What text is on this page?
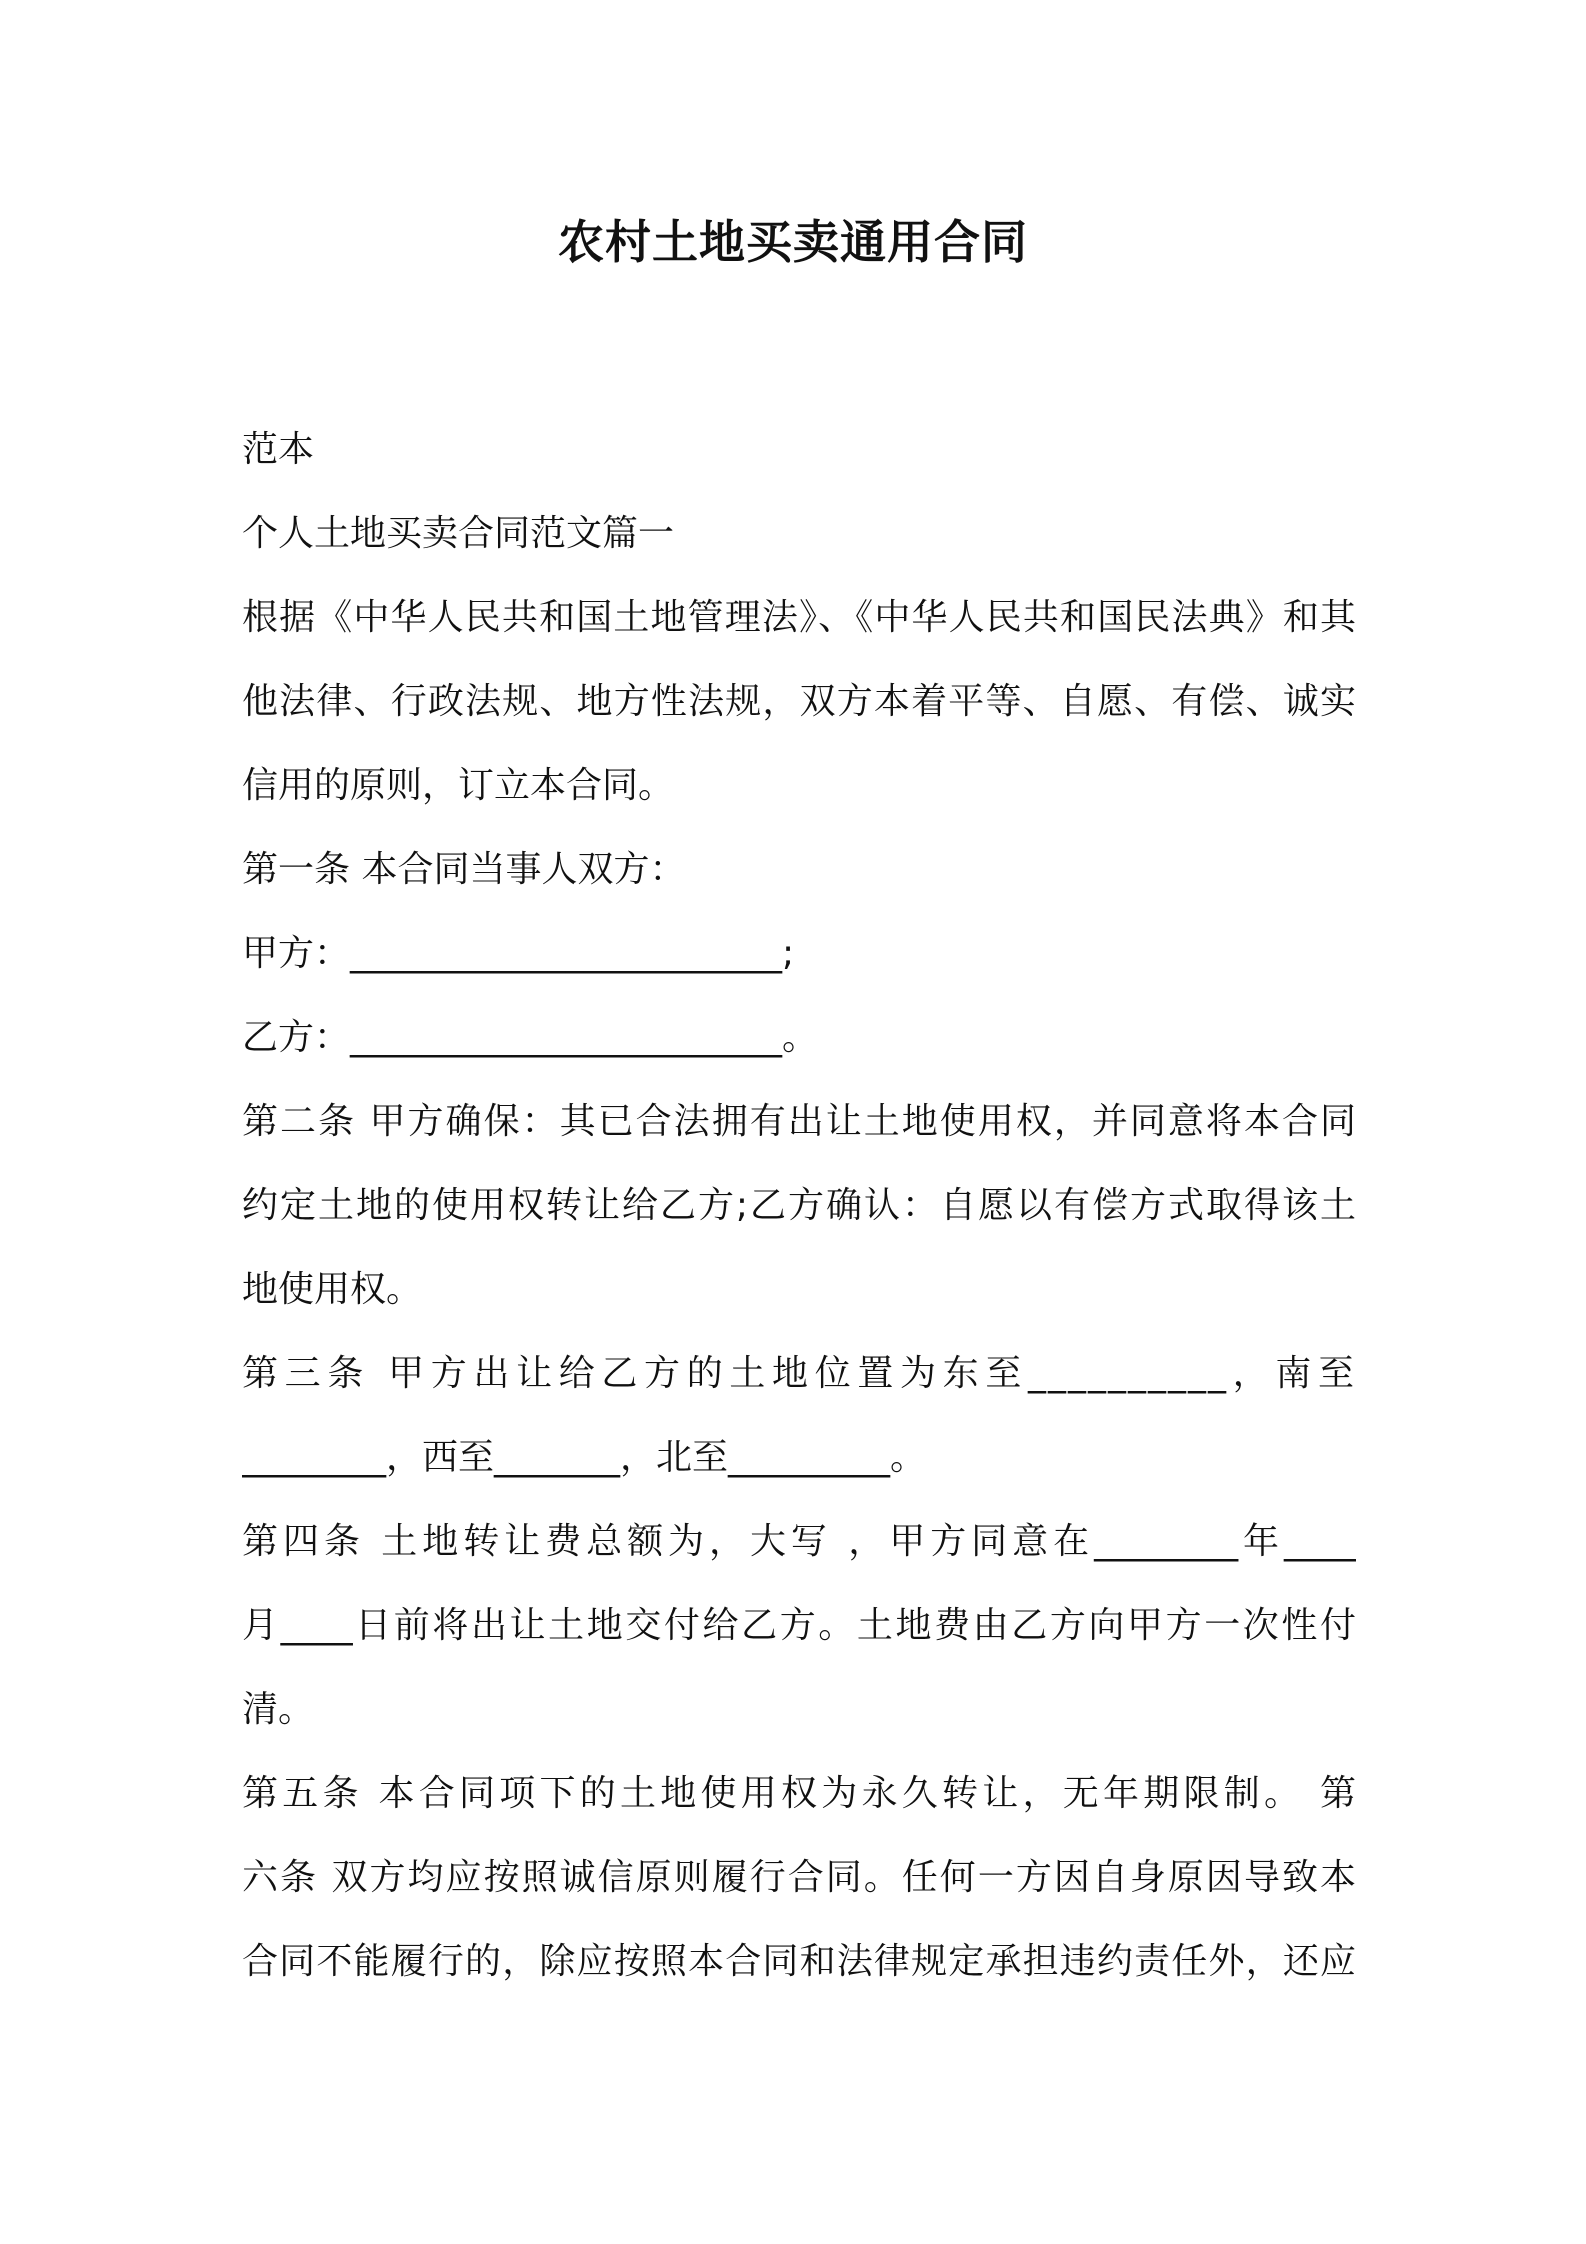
农村土地买卖通用合同
范本
个人土地买卖合同范文篇一
根据《中华人民共和国土地管理法》、《中华人民共和国民法典》和其
他法律、行政法规、地方性法规，双方本着平等、自愿、有偿、诚实
信用的原则，订立本合同。
第一条 本合同当事人双方：
甲方：________________________;
乙方：________________________。
第二条 甲方确保：其已合法拥有出让土地使用权，并同意将本合同
约定土地的使用权转让给乙方;乙方确认：自愿以有偿方式取得该土
地使用权。
第三条 甲方出让给乙方的土地位置为东至__________，南至
________，西至_______，北至_________。
第四条 土地转让费总额为，大写 ，甲方同意在________年____
月____日前将出让土地交付给乙方。土地费由乙方向甲方一次性付
清。
第五条 本合同项下的土地使用权为永久转让，无年期限制。 第
六条 双方均应按照诚信原则履行合同。任何一方因自身原因导致本
合同不能履行的，除应按照本合同和法律规定承担违约责任外，还应
